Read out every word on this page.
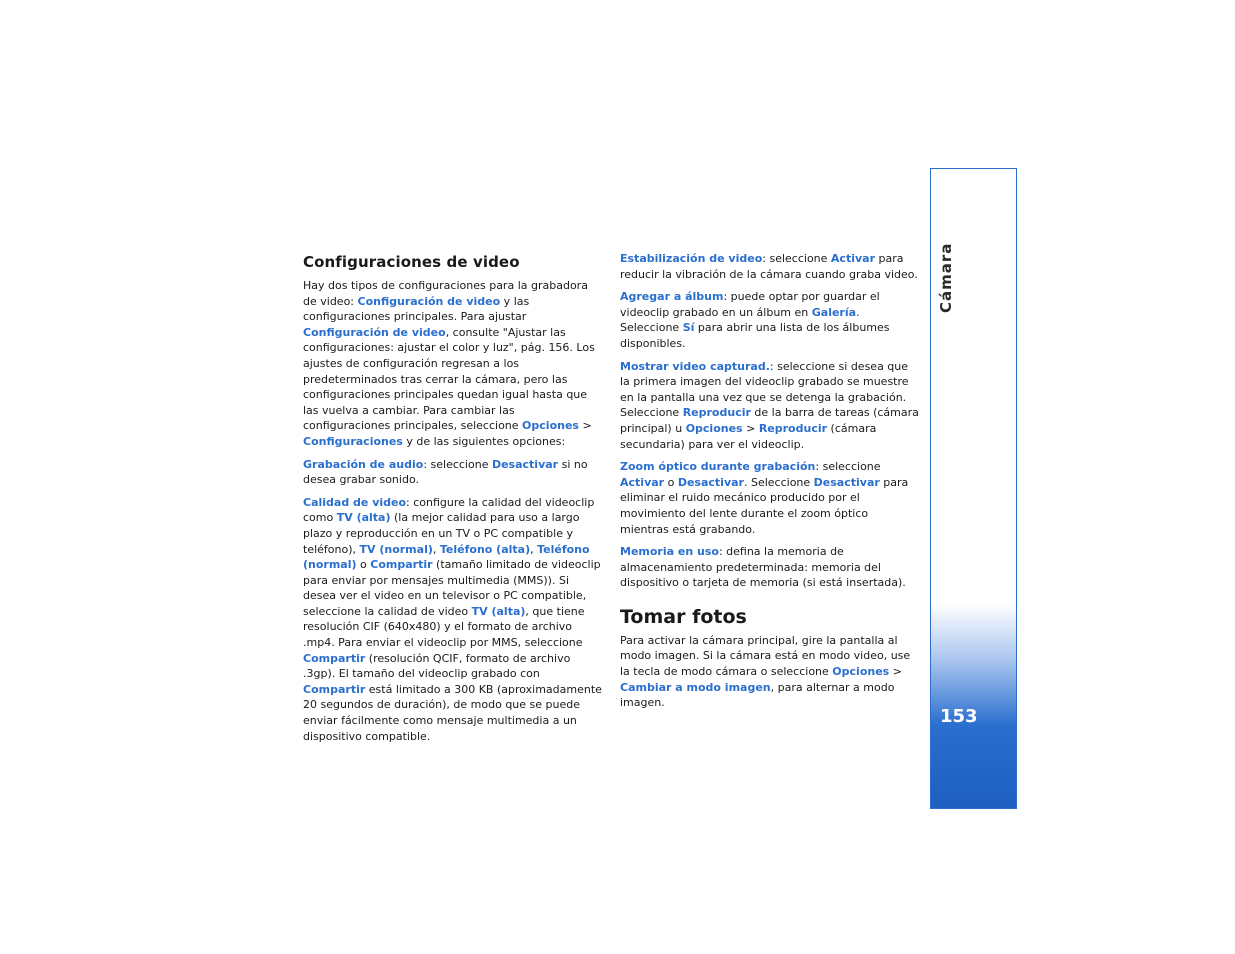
Configuraciones de video

Hay dos tipos de configuraciones para la grabadora de video: Configuración de video y las configuraciones principales. Para ajustar Configuración de video, consulte "Ajustar las configuraciones: ajustar el color y luz", pág. 156. Los ajustes de configuración regresan a los predeterminados tras cerrar la cámara, pero las configuraciones principales quedan igual hasta que las vuelva a cambiar. Para cambiar las configuraciones principales, seleccione Opciones > Configuraciones y de las siguientes opciones:

Grabación de audio: seleccione Desactivar si no desea grabar sonido.

Calidad de video: configure la calidad del videoclip como TV (alta) (la mejor calidad para uso a largo plazo y reproducción en un TV o PC compatible y teléfono), TV (normal), Teléfono (alta), Teléfono (normal) o Compartir (tamaño limitado de videoclip para enviar por mensajes multimedia (MMS)). Si desea ver el video en un televisor o PC compatible, seleccione la calidad de video TV (alta), que tiene resolución CIF (640x480) y el formato de archivo .mp4. Para enviar el videoclip por MMS, seleccione Compartir (resolución QCIF, formato de archivo .3gp). El tamaño del videoclip grabado con Compartir está limitado a 300 KB (aproximadamente 20 segundos de duración), de modo que se puede enviar fácilmente como mensaje multimedia a un dispositivo compatible.

Estabilización de video: seleccione Activar para reducir la vibración de la cámara cuando graba video.

Agregar a álbum: puede optar por guardar el videoclip grabado en un álbum en Galería. Seleccione Sí para abrir una lista de los álbumes disponibles.

Mostrar video capturad.: seleccione si desea que la primera imagen del videoclip grabado se muestre en la pantalla una vez que se detenga la grabación. Seleccione Reproducir de la barra de tareas (cámara principal) u Opciones > Reproducir (cámara secundaria) para ver el videoclip.

Zoom óptico durante grabación: seleccione Activar o Desactivar. Seleccione Desactivar para eliminar el ruido mecánico producido por el movimiento del lente durante el zoom óptico mientras está grabando.

Memoria en uso: defina la memoria de almacenamiento predeterminada: memoria del dispositivo o tarjeta de memoria (si está insertada).

Tomar fotos

Para activar la cámara principal, gire la pantalla al modo imagen. Si la cámara está en modo video, use la tecla de modo cámara o seleccione Opciones > Cambiar a modo imagen, para alternar a modo imagen.

Cámara
153
